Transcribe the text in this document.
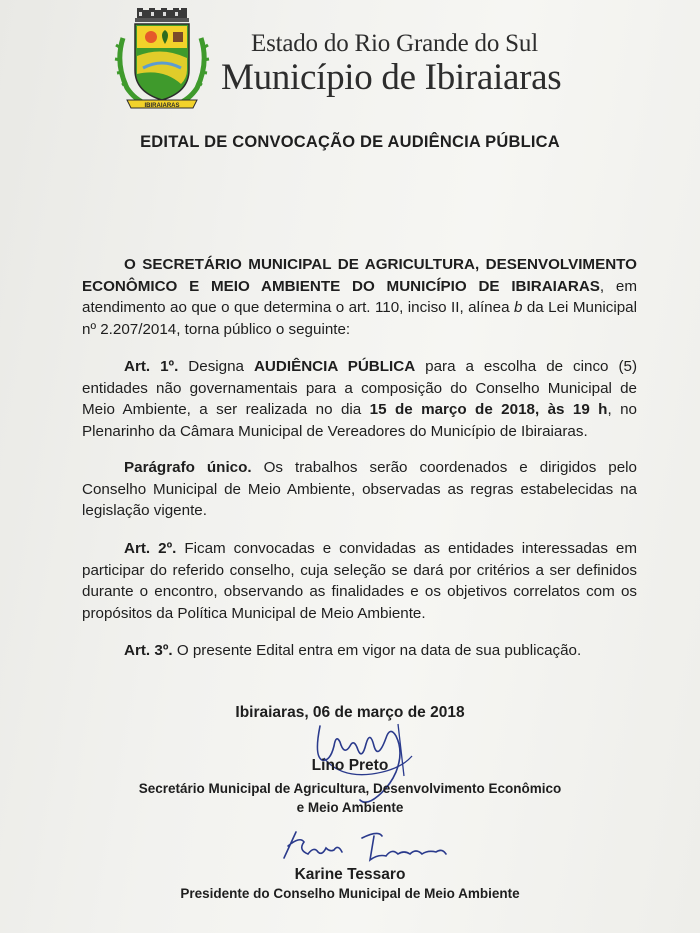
IBIRAIARAS
Estado do Rio Grande do Sul
Município de Ibiraiaras
EDITAL DE CONVOCAÇÃO DE AUDIÊNCIA PÚBLICA
O SECRETÁRIO MUNICIPAL DE AGRICULTURA, DESENVOLVIMENTO ECONÔMICO E MEIO AMBIENTE DO MUNICÍPIO DE IBIRAIARAS, em atendimento ao que o que determina o art. 110, inciso II, alínea b da Lei Municipal nº 2.207/2014, torna público o seguinte:
Art. 1º. Designa AUDIÊNCIA PÚBLICA para a escolha de cinco (5) entidades não governamentais para a composição do Conselho Municipal de Meio Ambiente, a ser realizada no dia 15 de março de 2018, às 19 h, no Plenarinho da Câmara Municipal de Vereadores do Município de Ibiraiaras.
Parágrafo único. Os trabalhos serão coordenados e dirigidos pelo Conselho Municipal de Meio Ambiente, observadas as regras estabelecidas na legislação vigente.
Art. 2º. Ficam convocadas e convidadas as entidades interessadas em participar do referido conselho, cuja seleção se dará por critérios a ser definidos durante o encontro, observando as finalidades e os objetivos correlatos com os propósitos da Política Municipal de Meio Ambiente.
Art. 3º. O presente Edital entra em vigor na data de sua publicação.
Ibiraiaras, 06 de março de 2018
Lino Preto
Secretário Municipal de Agricultura, Desenvolvimento Econômico
e Meio Ambiente
Karine Tessaro
Presidente do Conselho Municipal de Meio Ambiente
